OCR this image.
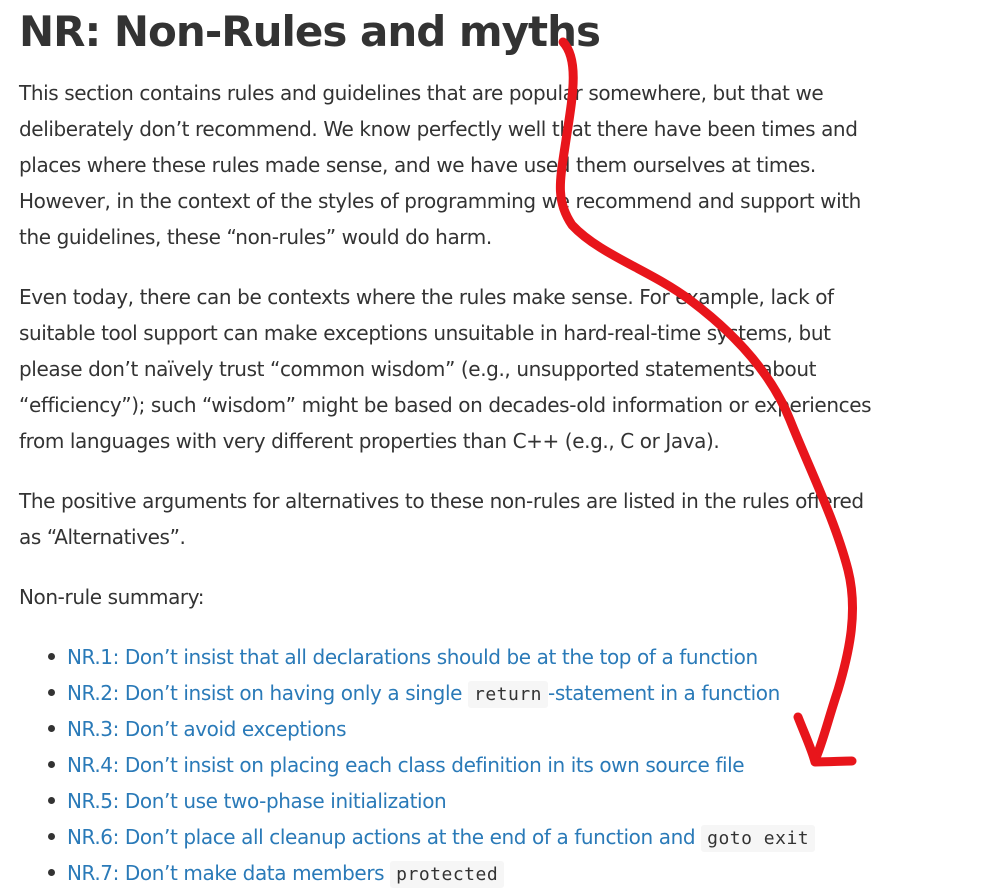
NR: Non-Rules and myths

This section contains rules and guidelines that are popular somewhere, but that we
deliberately don’t recommend. We know perfectly well that there have been times and
places where these rules made sense, and we have used them ourselves at times.
However, in the context of the styles of programming we recommend and support with
the guidelines, these “non-rules” would do harm.

Even today, there can be contexts where the rules make sense. For example, lack of
suitable tool support can make exceptions unsuitable in hard-real-time systems, but
please don’t naïvely trust “common wisdom” (e.g., unsupported statements about
“efficiency”); such “wisdom” might be based on decades-old information or experiences
from languages with very different properties than C++ (e.g., C or Java).

The positive arguments for alternatives to these non-rules are listed in the rules offered
as “Alternatives”.

Non-rule summary:

NR.1: Don’t insist that all declarations should be at the top of a function
NR.2: Don’t insist on having only a single return -statement in a function
NR.3: Don’t avoid exceptions
NR.4: Don’t insist on placing each class definition in its own source file
NR.5: Don’t use two-phase initialization
NR.6: Don’t place all cleanup actions at the end of a function and goto exit
NR.7: Don’t make data members protected
